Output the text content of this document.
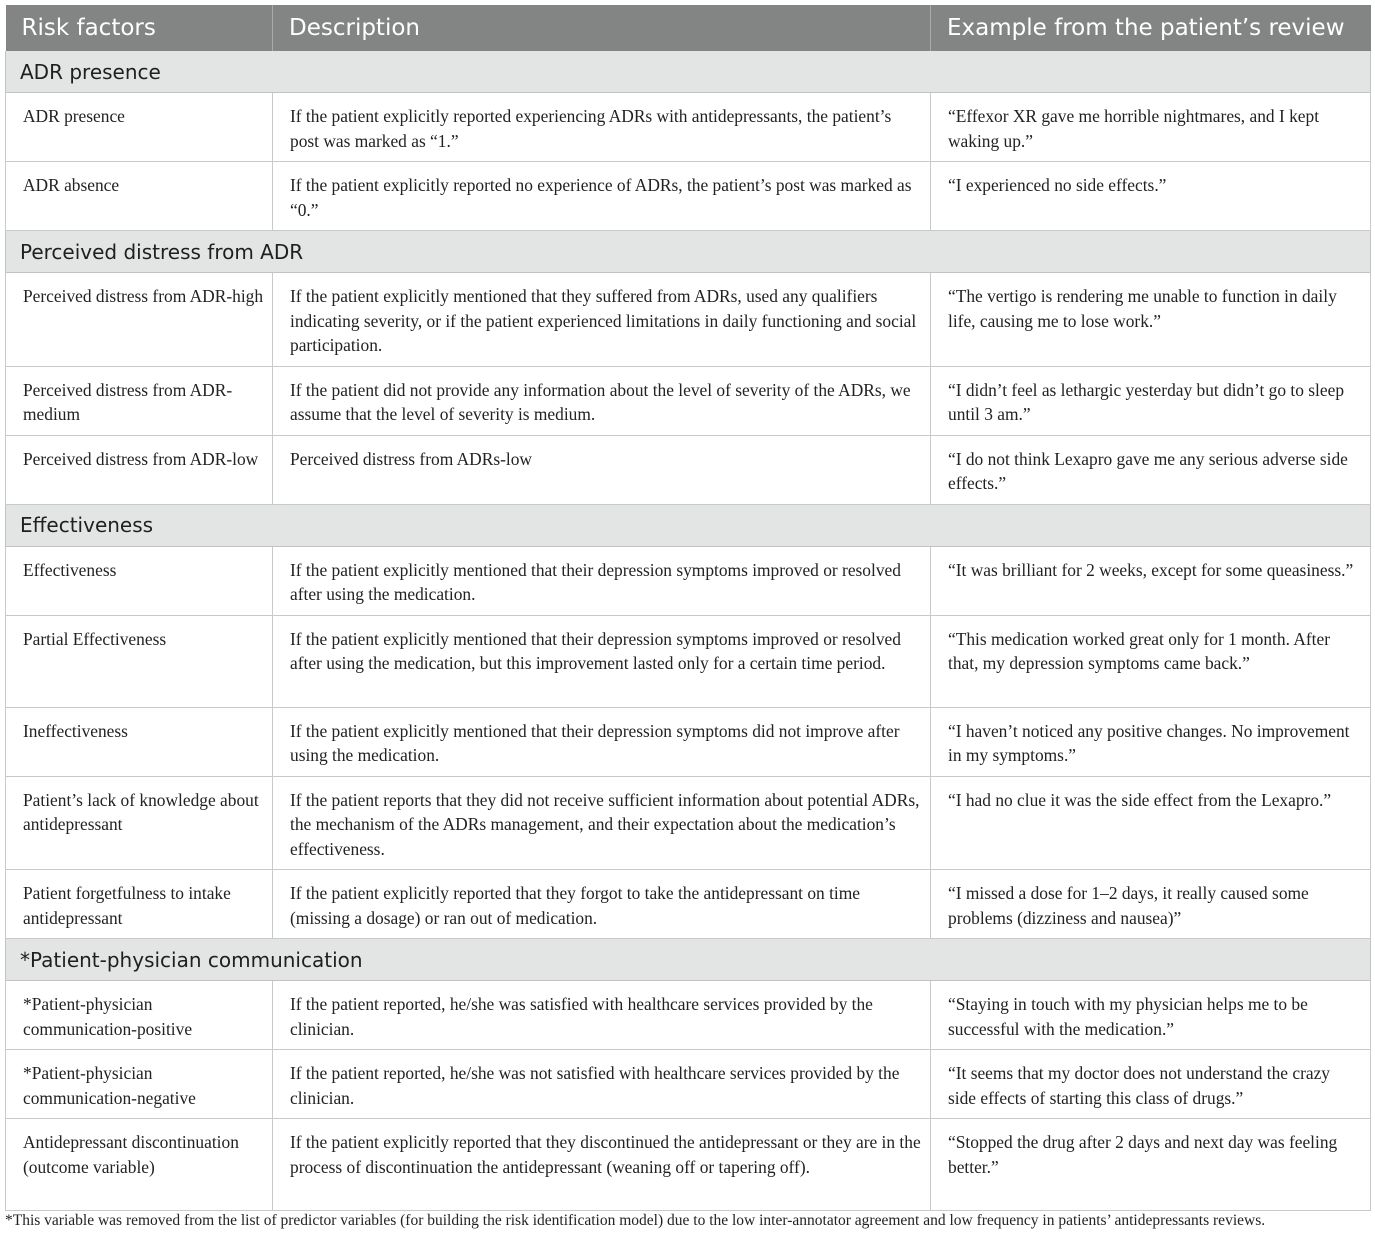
Risk factors	Description	Example from the patient’s review
ADR presence		
ADR presence	If the patient explicitly reported experiencing ADRs with antidepressants, the patient’s post was marked as “1.”	“Effexor XR gave me horrible nightmares, and I kept waking up.”
ADR absence	If the patient explicitly reported no experience of ADRs, the patient’s post was marked as “0.”	“I experienced no side effects.”
Perceived distress from ADR		
Perceived distress from ADR-high	If the patient explicitly mentioned that they suffered from ADRs, used any qualifiers indicating severity, or if the patient experienced limitations in daily functioning and social participation.	“The vertigo is rendering me unable to function in daily life, causing me to lose work.”
Perceived distress from ADR-medium	If the patient did not provide any information about the level of severity of the ADRs, we assume that the level of severity is medium.	“I didn’t feel as lethargic yesterday but didn’t go to sleep until 3 am.”
Perceived distress from ADR-low	Perceived distress from ADRs-low	“I do not think Lexapro gave me any serious adverse side effects.”
Effectiveness		
Effectiveness	If the patient explicitly mentioned that their depression symptoms improved or resolved after using the medication.	“It was brilliant for 2 weeks, except for some queasiness.”
Partial Effectiveness	If the patient explicitly mentioned that their depression symptoms improved or resolved after using the medication, but this improvement lasted only for a certain time period.	“This medication worked great only for 1 month. After that, my depression symptoms came back.”
Ineffectiveness	If the patient explicitly mentioned that their depression symptoms did not improve after using the medication.	“I haven’t noticed any positive changes. No improvement in my symptoms.”
Patient’s lack of knowledge about antidepressant	If the patient reports that they did not receive sufficient information about potential ADRs, the mechanism of the ADRs management, and their expectation about the medication’s effectiveness.	“I had no clue it was the side effect from the Lexapro.”
Patient forgetfulness to intake antidepressant	If the patient explicitly reported that they forgot to take the antidepressant on time (missing a dosage) or ran out of medication.	“I missed a dose for 1–2 days, it really caused some problems (dizziness and nausea)”
*Patient-physician communication		
*Patient-physician communication-positive	If the patient reported, he/she was satisfied with healthcare services provided by the clinician.	“Staying in touch with my physician helps me to be successful with the medication.”
*Patient-physician communication-negative	If the patient reported, he/she was not satisfied with healthcare services provided by the clinician.	“It seems that my doctor does not understand the crazy side effects of starting this class of drugs.”
Antidepressant discontinuation (outcome variable)	If the patient explicitly reported that they discontinued the antidepressant or they are in the process of discontinuation the antidepressant (weaning off or tapering off).	“Stopped the drug after 2 days and next day was feeling better.”
*This variable was removed from the list of predictor variables (for building the risk identification model) due to the low inter-annotator agreement and low frequency in patients’ antidepressants reviews.
